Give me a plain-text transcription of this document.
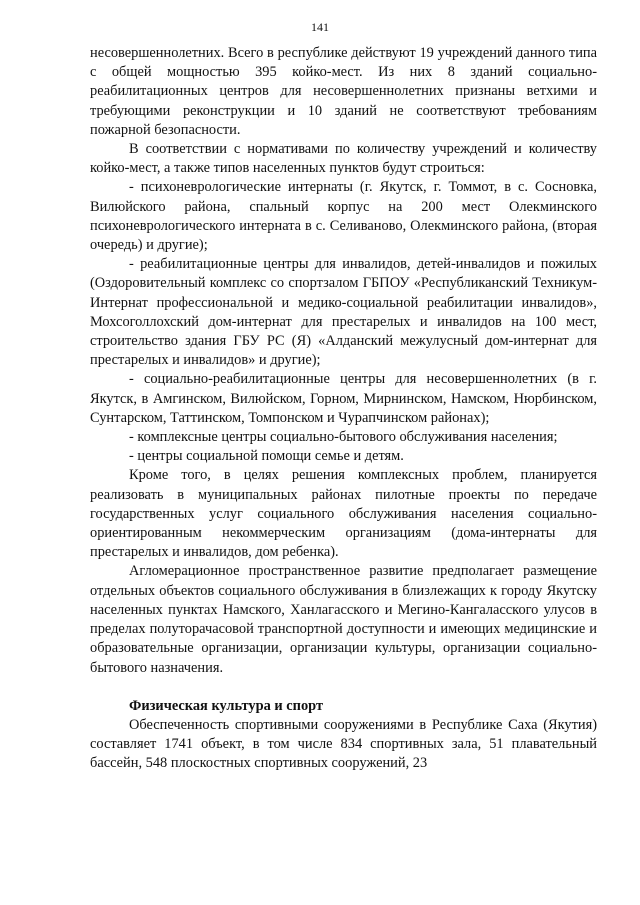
141

несовершеннолетних. Всего в республике действуют 19 учреждений данного типа с общей мощностью 395 койко-мест. Из них 8 зданий социально-реабилитационных центров для несовершеннолетних признаны ветхими и требующими реконструкции и 10 зданий не соответствуют требованиям пожарной безопасности.

В соответствии с нормативами по количеству учреждений и количеству койко-мест, а также типов населенных пунктов будут строиться:

- психоневрологические интернаты (г. Якутск, г. Томмот, в с. Сосновка, Вилюйского района, спальный корпус на 200 мест Олекминского психоневрологического интерната в с. Селиваново, Олекминского района, (вторая очередь) и другие);

- реабилитационные центры для инвалидов, детей-инвалидов и пожилых (Оздоровительный комплекс со спортзалом ГБПОУ «Республиканский Техникум-Интернат профессиональной и медико-социальной реабилитации инвалидов», Мохсоголлохский дом-интернат для престарелых и инвалидов на 100 мест, строительство здания ГБУ РС (Я) «Алданский межулусный дом-интернат для престарелых и инвалидов» и другие);

- социально-реабилитационные центры для несовершеннолетних (в г. Якутск, в Амгинском, Вилюйском, Горном, Мирнинском, Намском, Нюрбинском, Сунтарском, Таттинском, Томпонском и Чурапчинском районах);

- комплексные центры социально-бытового обслуживания населения;

- центры социальной помощи семье и детям.

Кроме того, в целях решения комплексных проблем, планируется реализовать в муниципальных районах пилотные проекты по передаче государственных услуг социального обслуживания населения социально-ориентированным некоммерческим организациям (дома-интернаты для престарелых и инвалидов, дом ребенка).

Агломерационное пространственное развитие предполагает размещение отдельных объектов социального обслуживания в близлежащих к городу Якутску населенных пунктах Намского, Ханлагасского и Мегино-Кангаласского улусов в пределах полуторачасовой транспортной доступности и имеющих медицинские и образовательные организации, организации культуры, организации социально-бытового назначения.

Физическая культура и спорт

Обеспеченность спортивными сооружениями в Республике Саха (Якутия) составляет 1741 объект, в том числе 834 спортивных зала, 51 плавательный бассейн, 548 плоскостных спортивных сооружений, 23
